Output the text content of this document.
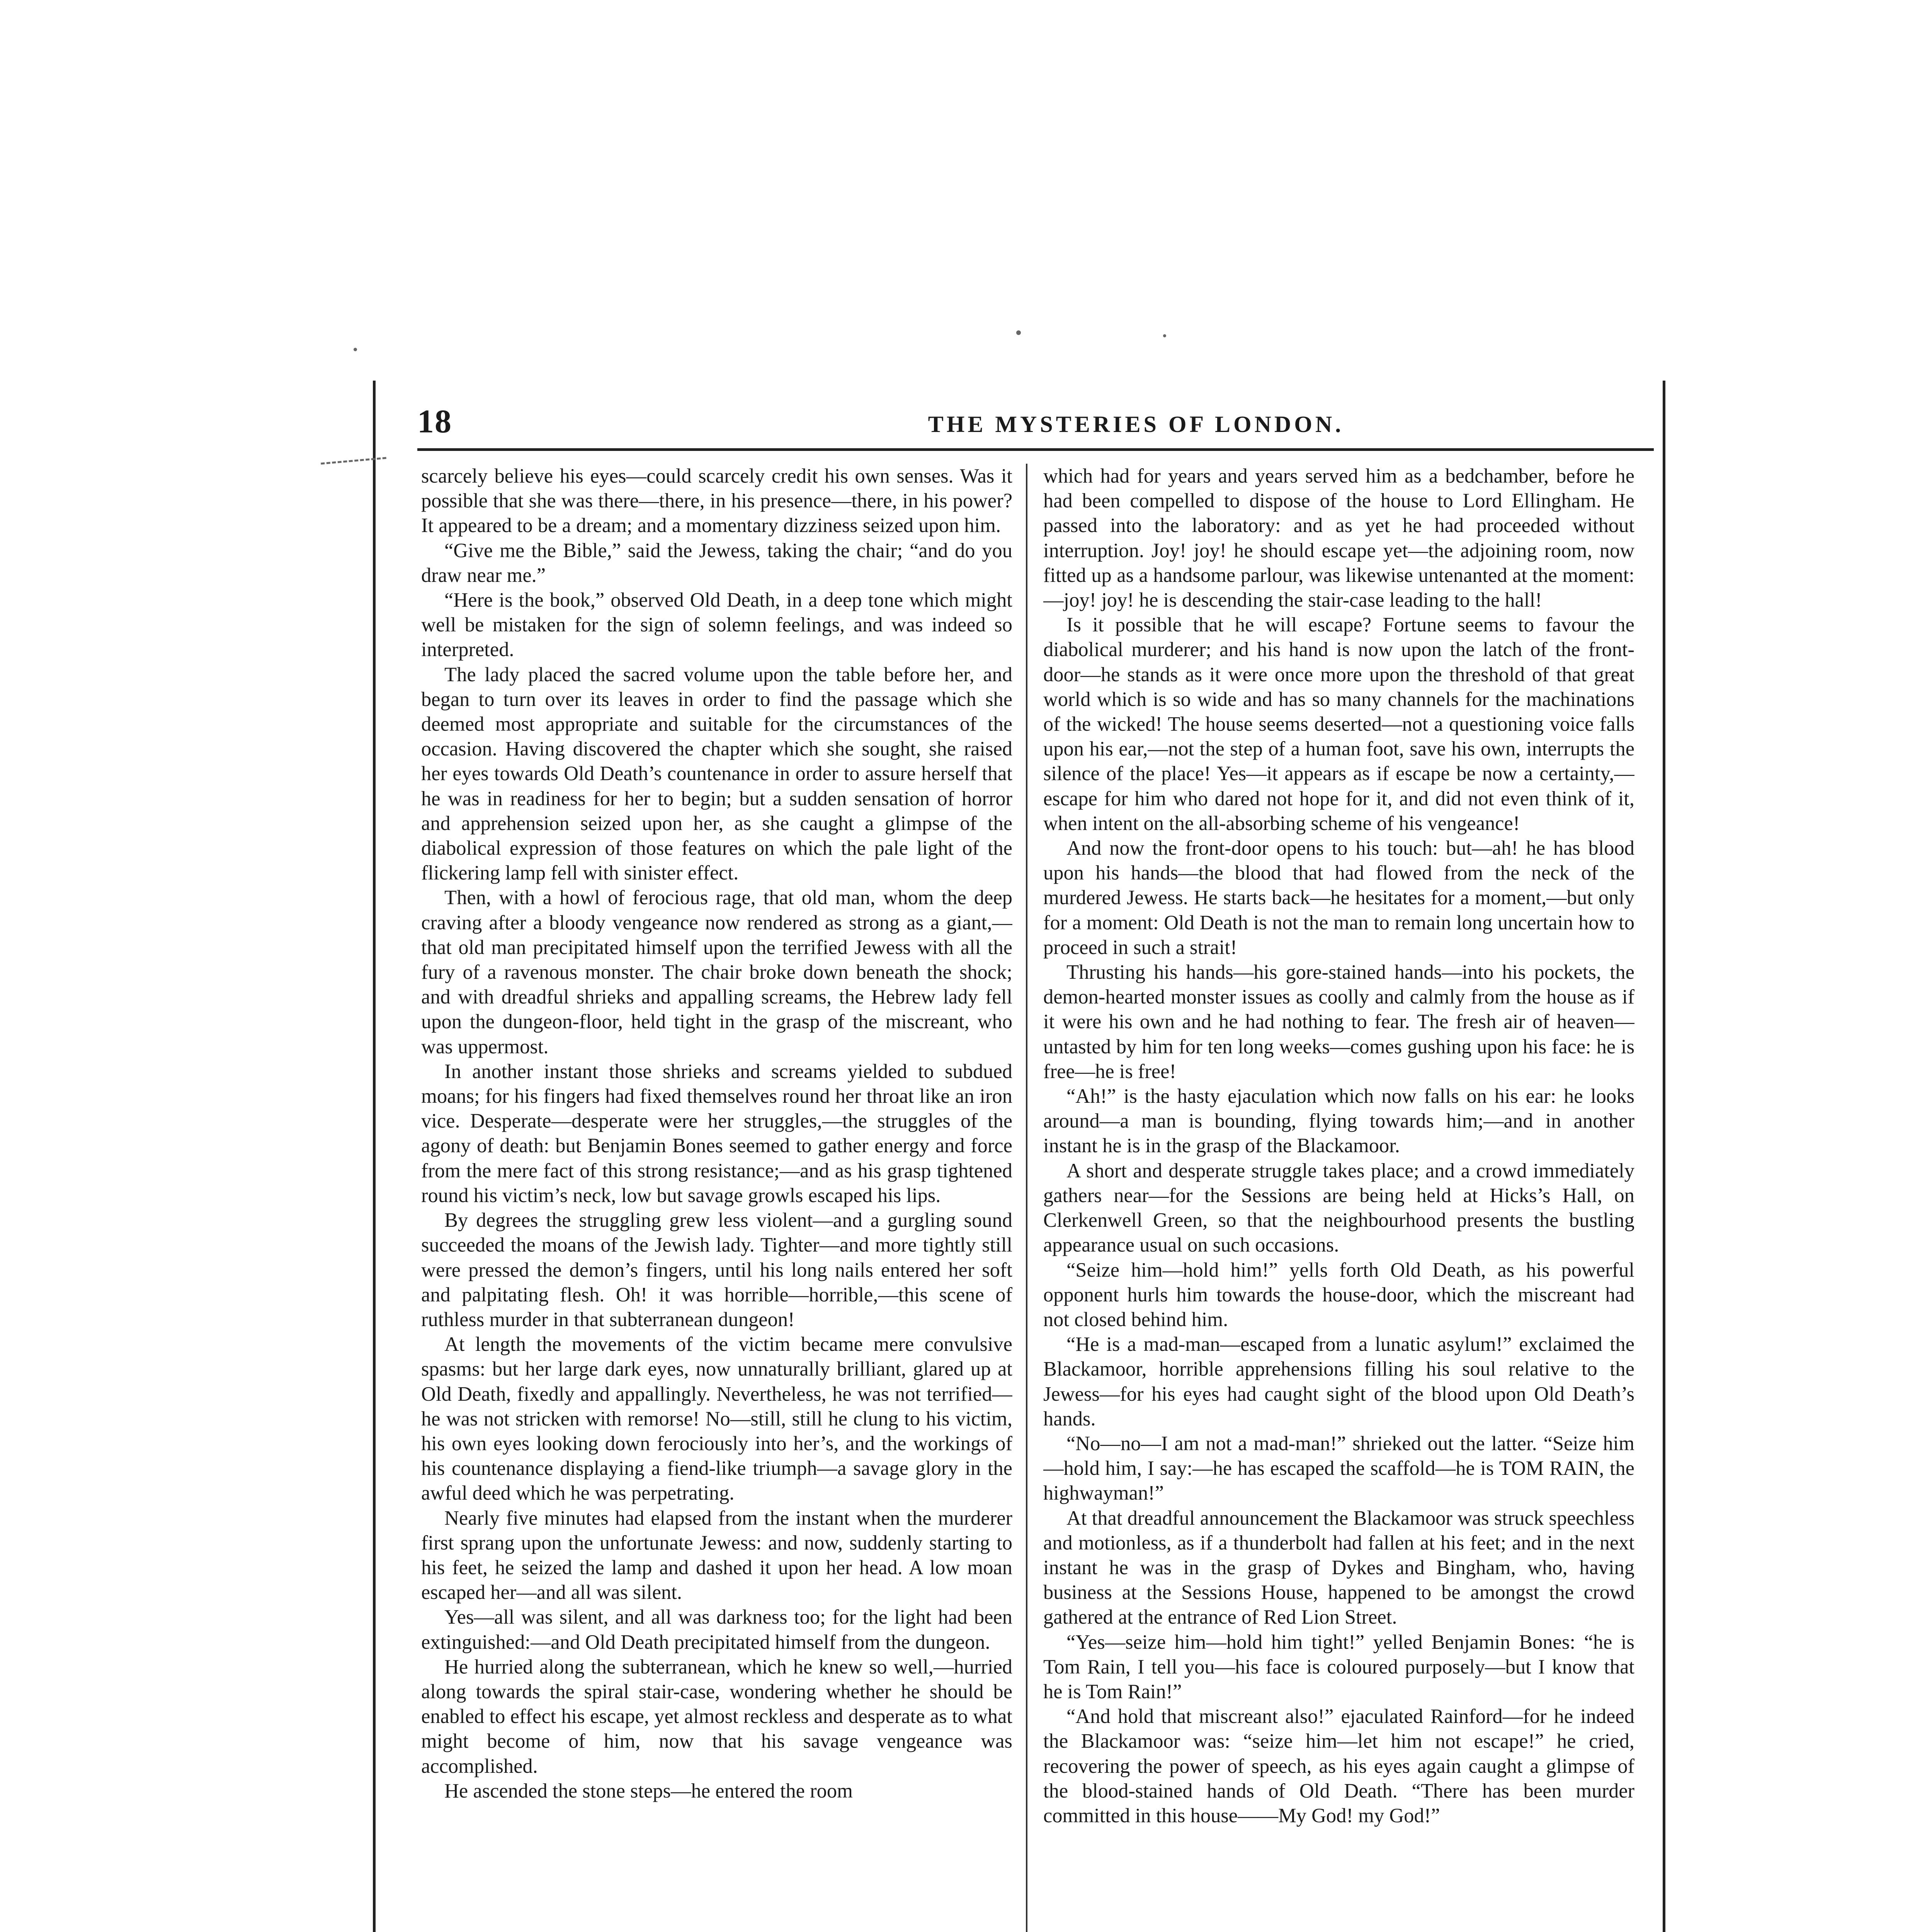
18	THE MYSTERIES OF LONDON.

scarcely believe his eyes—could scarcely credit his own senses. Was it possible that she was there—there, in his presence—there, in his power? It appeared to be a dream; and a momentary dizziness seized upon him.

“Give me the Bible,” said the Jewess, taking the chair; “and do you draw near me.”

“Here is the book,” observed Old Death, in a deep tone which might well be mistaken for the sign of solemn feelings, and was indeed so interpreted.

The lady placed the sacred volume upon the table before her, and began to turn over its leaves in order to find the passage which she deemed most appropriate and suitable for the circumstances of the occasion. Having discovered the chapter which she sought, she raised her eyes towards Old Death’s countenance in order to assure herself that he was in readiness for her to begin; but a sudden sensation of horror and apprehension seized upon her, as she caught a glimpse of the diabolical expression of those features on which the pale light of the flickering lamp fell with sinister effect.

Then, with a howl of ferocious rage, that old man, whom the deep craving after a bloody vengeance now rendered as strong as a giant,—that old man precipitated himself upon the terrified Jewess with all the fury of a ravenous monster. The chair broke down beneath the shock; and with dreadful shrieks and appalling screams, the Hebrew lady fell upon the dungeon-floor, held tight in the grasp of the miscreant, who was uppermost.

In another instant those shrieks and screams yielded to subdued moans; for his fingers had fixed themselves round her throat like an iron vice. Desperate—desperate were her struggles,—the struggles of the agony of death: but Benjamin Bones seemed to gather energy and force from the mere fact of this strong resistance;—and as his grasp tightened round his victim’s neck, low but savage growls escaped his lips.

By degrees the struggling grew less violent—and a gurgling sound succeeded the moans of the Jewish lady. Tighter—and more tightly still were pressed the demon’s fingers, until his long nails entered her soft and palpitating flesh. Oh! it was horrible—horrible,—this scene of ruthless murder in that subterranean dungeon!

At length the movements of the victim became mere convulsive spasms: but her large dark eyes, now unnaturally brilliant, glared up at Old Death, fixedly and appallingly. Nevertheless, he was not terrified—he was not stricken with remorse! No—still, still he clung to his victim, his own eyes looking down ferociously into her’s, and the workings of his countenance displaying a fiend-like triumph—a savage glory in the awful deed which he was perpetrating.

Nearly five minutes had elapsed from the instant when the murderer first sprang upon the unfortunate Jewess: and now, suddenly starting to his feet, he seized the lamp and dashed it upon her head. A low moan escaped her—and all was silent.

Yes—all was silent, and all was darkness too; for the light had been extinguished:—and Old Death precipitated himself from the dungeon.

He hurried along the subterranean, which he knew so well,—hurried along towards the spiral stair-case, wondering whether he should be enabled to effect his escape, yet almost reckless and desperate as to what might become of him, now that his savage vengeance was accomplished.

He ascended the stone steps—he entered the room

which had for years and years served him as a bedchamber, before he had been compelled to dispose of the house to Lord Ellingham. He passed into the laboratory: and as yet he had proceeded without interruption. Joy! joy! he should escape yet—the adjoining room, now fitted up as a handsome parlour, was likewise untenanted at the moment:—joy! joy! he is descending the stair-case leading to the hall!

Is it possible that he will escape? Fortune seems to favour the diabolical murderer; and his hand is now upon the latch of the front-door—he stands as it were once more upon the threshold of that great world which is so wide and has so many channels for the machinations of the wicked! The house seems deserted—not a questioning voice falls upon his ear,—not the step of a human foot, save his own, interrupts the silence of the place! Yes—it appears as if escape be now a certainty,—escape for him who dared not hope for it, and did not even think of it, when intent on the all-absorbing scheme of his vengeance!

And now the front-door opens to his touch: but—ah! he has blood upon his hands—the blood that had flowed from the neck of the murdered Jewess. He starts back—he hesitates for a moment,—but only for a moment: Old Death is not the man to remain long uncertain how to proceed in such a strait!

Thrusting his hands—his gore-stained hands—into his pockets, the demon-hearted monster issues as coolly and calmly from the house as if it were his own and he had nothing to fear. The fresh air of heaven—untasted by him for ten long weeks—comes gushing upon his face: he is free—he is free!

“Ah!” is the hasty ejaculation which now falls on his ear: he looks around—a man is bounding, flying towards him;—and in another instant he is in the grasp of the Blackamoor.

A short and desperate struggle takes place; and a crowd immediately gathers near—for the Sessions are being held at Hicks’s Hall, on Clerkenwell Green, so that the neighbourhood presents the bustling appearance usual on such occasions.

“Seize him—hold him!” yells forth Old Death, as his powerful opponent hurls him towards the house-door, which the miscreant had not closed behind him.

“He is a mad-man—escaped from a lunatic asylum!” exclaimed the Blackamoor, horrible apprehensions filling his soul relative to the Jewess—for his eyes had caught sight of the blood upon Old Death’s hands.

“No—no—I am not a mad-man!” shrieked out the latter. “Seize him—hold him, I say:—he has escaped the scaffold—he is TOM RAIN, the highwayman!”

At that dreadful announcement the Blackamoor was struck speechless and motionless, as if a thunderbolt had fallen at his feet; and in the next instant he was in the grasp of Dykes and Bingham, who, having business at the Sessions House, happened to be amongst the crowd gathered at the entrance of Red Lion Street.

“Yes—seize him—hold him tight!” yelled Benjamin Bones: “he is Tom Rain, I tell you—his face is coloured purposely—but I know that he is Tom Rain!”

“And hold that miscreant also!” ejaculated Rainford—for he indeed the Blackamoor was: “seize him—let him not escape!” he cried, recovering the power of speech, as his eyes again caught a glimpse of the blood-stained hands of Old Death. “There has been murder committed in this house——My God! my God!”
